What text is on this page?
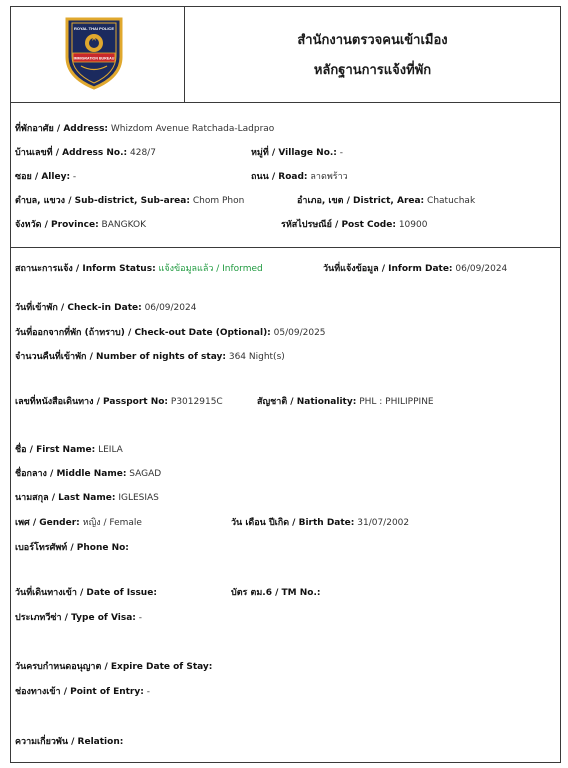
ROYAL THAI POLICE
IMMIGRATION BUREAU
สำนักงานตรวจคนเข้าเมือง
หลักฐานการแจ้งที่พัก
ที่พักอาศัย / Address: Whizdom Avenue Ratchada-Ladprao
บ้านเลขที่ / Address No.: 428/7	หมู่ที่ / Village No.: -
ซอย / Alley: -	ถนน / Road: ลาดพร้าว
ตำบล, แขวง / Sub-district, Sub-area: Chom Phon	อำเภอ, เขต / District, Area: Chatuchak
จังหวัด / Province: BANGKOK	รหัสไปรษณีย์ / Post Code: 10900
สถานะการแจ้ง / Inform Status: แจ้งข้อมูลแล้ว / Informed	วันที่แจ้งข้อมูล / Inform Date: 06/09/2024
วันที่เข้าพัก / Check-in Date: 06/09/2024
วันที่ออกจากที่พัก (ถ้าทราบ) / Check-out Date (Optional): 05/09/2025
จำนวนคืนที่เข้าพัก / Number of nights of stay: 364 Night(s)
เลขที่หนังสือเดินทาง / Passport No: P3012915C	สัญชาติ / Nationality: PHL : PHILIPPINE
ชื่อ / First Name: LEILA
ชื่อกลาง / Middle Name: SAGAD
นามสกุล / Last Name: IGLESIAS
เพศ / Gender: หญิง / Female	วัน เดือน ปีเกิด / Birth Date: 31/07/2002
เบอร์โทรศัพท์ / Phone No:
วันที่เดินทางเข้า / Date of Issue:	บัตร ตม.6 / TM No.:
ประเภทวีซ่า / Type of Visa: -
วันครบกำหนดอนุญาต / Expire Date of Stay:
ช่องทางเข้า / Point of Entry: -
ความเกี่ยวพัน / Relation:
